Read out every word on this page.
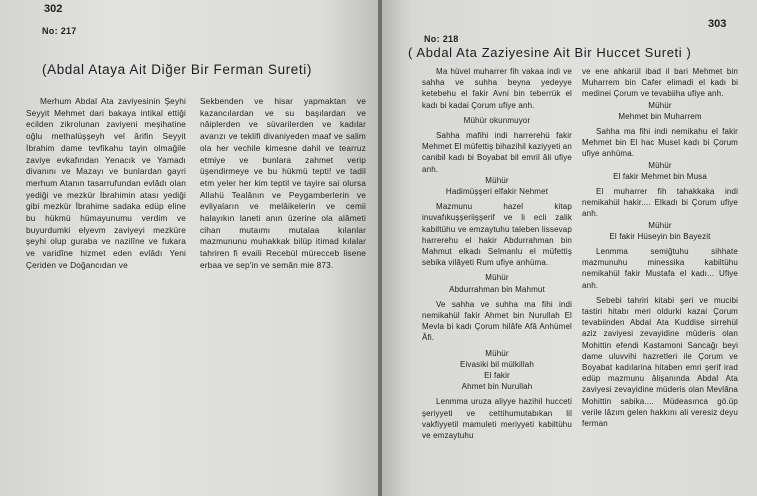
302
No: 217
(Abdal Ataya Ait Diğer Bir Ferman Sureti)

Merhum Abdal Ata zaviyesinin Şeyhi Seyyit Mehmet dari bakaya intikal ettiği ecilden zikrolunan zaviyeni meşihatine oğlu methalüşşeyh vel ârifin Seyyit İbrahim dame tevfikahu tayin olmağile zaviye evkafından Yenacık ve Yamadı divanını ve Mazayı ve bunlardan gayri merhum Atanın tasarrufundan evlâdı olan yediği ve mezkür İbrahimin atası yediği gibi mezkür İbrahime sadaka edüp eline bu hükmü hümayunumu verdim ve buyurdumki elyevm zaviyeyi mezküre şeyhi olup guraba ve nazilîne ve fukara ve varidîne hizmet eden evlâdı Yeni Çeriden ve Doğancıdan ve

Sekbenden ve hisar yapmaktan ve kazancılardan ve su başılardan ve nâiplerden ve süvarilerden ve kadılar avarızı ve teklifi divaniyeden maaf ve salim ola her vechile kimesne dahil ve tearruz etmiye ve bunlara zahmet verip üşendirmeye ve bu hükmü tepti! ve tadil etm yeler her kim teptil ve tayire sai olursa Allahü Tealânın ve Peygamberlerin ve evliyaların ve melâikelerin ve cemii halayıkın laneti anın üzerine ola alâmeti cihan mutaımı mutalaa kılanlar mazmununu muhakkak bilüp itimad kılalar tahriren fi evaili Recebül mürecceb lisene erbaa ve sep'in ve semân mie 873.

303
No: 218
( Abdal Ata Zaziyesine Ait Bir Huccet Sureti )

Ma hüvel muharrer fih vakaa indi ve sahha ve suhha beyna yedeyye ketebehu el fakir Avni bin teberrük el kadı bi kadai Çorum ufiye anh.

Mühür okunmuyor

Sahha mafihi indi harrerehü fakir Mehmet El müfettiş bihazihil kaziyyeti an canibil kadı bi Boyabat bil emril âli ufiye anh.

Mühür

Hadimüşşeri elfakir Nehmet

Mazmunu hazel kitap inuvafıkuşşeriişşerif ve li ecli zalik kabiltühu ve emzaytuhu taleben lissevap harrerehu el hakir Abdurrahman bin Mahmut elkadı Selmanlu el müfettiş sebika vilâyeti Rum ufiye anhüma.

Mühür

Abdurrahman bin Mahmut

Ve sahha ve suhha ma fihi indi nemikahül fakir Ahmet bin Nurullah El Mevla bi kadı Çorum hilâfe Afâ Anhümel Âfi.

Mühür

Eivasiki bil mülkillah

El fakir

Ahmet bin Nurullah

Lenmma uruza aliyye hazihil hucceti şeriyyeti ve cettihumutabıkan lil vakfiyyetil mamuleti meriyyeti kabiltühu ve emzaytuhu

ve ene ahkarül ibad il bari Mehmet bin Muharrem bin Cafer elimadi el kadı bi medinei Çorum ve tevabiiha ufiye anh.

Mühür

Mehmet bin Muharrem

Sahha ma fihi indi nemikahu el fakir Mehmet bin El hac Musel kadı bi Çorum ufiye anhüma.

Mühür

El fakir Mehmet bin Musa

El muharrer fih tahakkaka indi nemikahül hakir.... Elkadı bi Çorum ufiye anh.

Mühür

El fakir Hüseyin bin Bayezit

Lenmma semiğtuhu sihhate mazmunuhu minessika kabiltühu nemikahül fakir Mustafa el kadı... Ufiye anh.

Sebebi tahriri kitabi şeri ve mucibi tastiri hitabı meri oldurki kazai Çorum tevabiinden Abdal Ata Kuddise sirrehül aziz zaviyesi zevayidine müderis olan Mohittin efendi Kastamoni Sancağı beyi dame uluvvihi hazretleri ile Çorum ve Boyabat kadılarina hitaben emri şerif irad edüp mazmunu âlişanında Abdal Ata zaviyesi zevayidine müderis olan Mevlâna Mohittin sabika.... Müdeasınca gö.üp verile lâzım gelen hakkını ali veresiz deyu ferman
